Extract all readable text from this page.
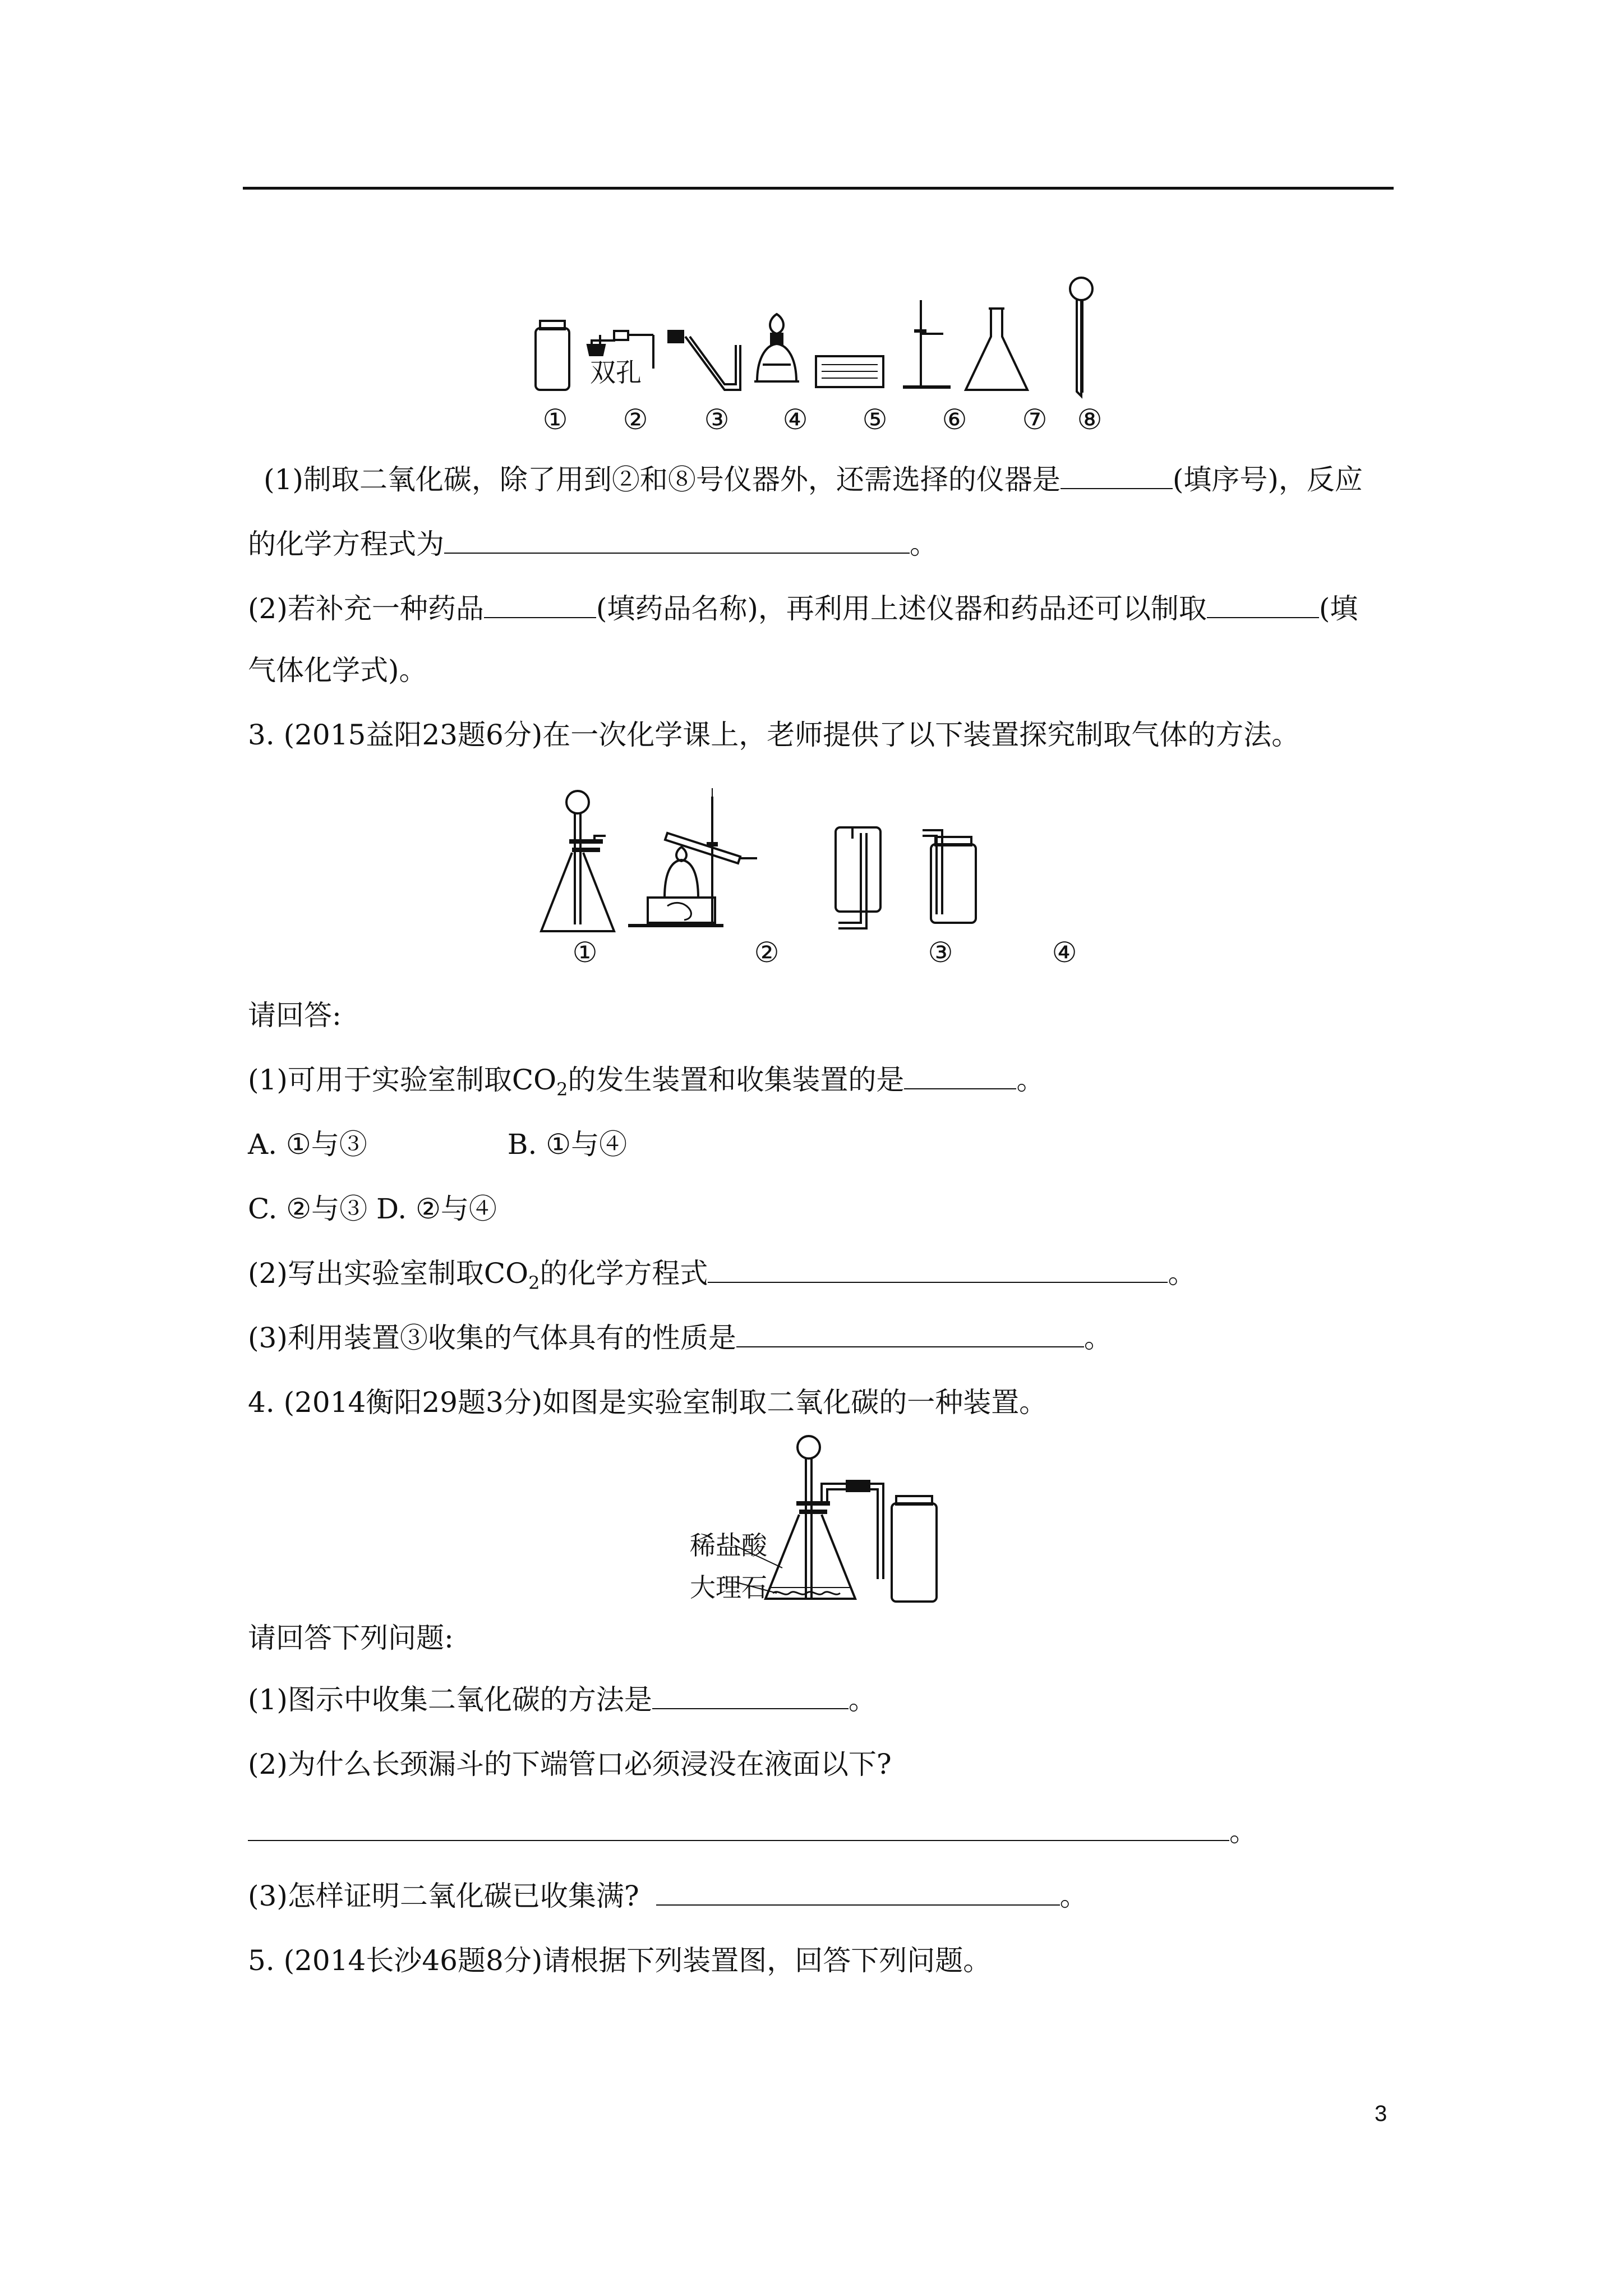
双孔
① ② ③ ④ ⑤ ⑥ ⑦ ⑧
(1)制取二氧化碳，除了用到②和⑧号仪器外，还需选择的仪器是	(填序号)，反应
的化学方程式为	。
(2)若补充一种药品	(填药品名称)，再利用上述仪器和药品还可以制取	(填
气体化学式)。
3. (2015益阳23题6分)在一次化学课上，老师提供了以下装置探究制取气体的方法。
①	②	③	④
请回答:
(1)可用于实验室制取$CO_2$的发生装置和收集装置的是	。
A. ①与③	B. ①与④
C. ②与③ D. ②与④
(2)写出实验室制取$CO_2$的化学方程式	。
(3)利用装置③收集的气体具有的性质是	。
4. (2014衡阳29题3分)如图是实验室制取二氧化碳的一种装置。
稀盐酸
大理石
请回答下列问题:
(1)图示中收集二氧化碳的方法是	。
(2)为什么长颈漏斗的下端管口必须浸没在液面以下?
。
(3)怎样证明二氧化碳已收集满?	。
5. (2014长沙46题8分)请根据下列装置图，回答下列问题。
3
